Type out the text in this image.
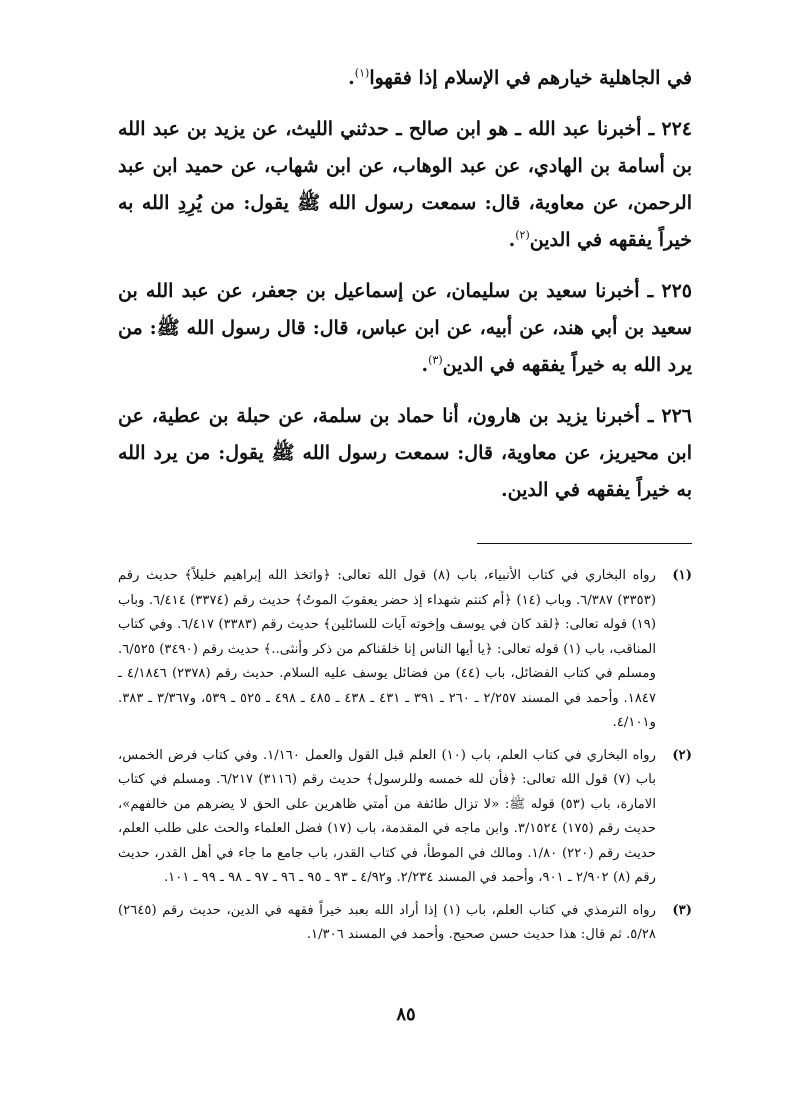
في الجاهلية خيارهم في الإسلام إذا فقهوا$^{(١)}$.

٢٢٤ ـ أخبرنا عبد الله ـ هو ابن صالح ـ حدثني الليث، عن يزيد بن عبد الله بن أسامة بن الهادي، عن عبد الوهاب، عن ابن شهاب، عن حميد ابن عبد الرحمن، عن معاوية، قال: سمعت رسول الله ﷺ يقول: من يُرِدِ الله به خيراً يفقهه في الدين$^{(٢)}$.

٢٢٥ ـ أخبرنا سعيد بن سليمان، عن إسماعيل بن جعفر، عن عبد الله بن سعيد بن أبي هند، عن أبيه، عن ابن عباس، قال: قال رسول الله ﷺ: من يرد الله به خيراً يفقهه في الدين$^{(٣)}$.

٢٢٦ ـ أخبرنا يزيد بن هارون، أنا حماد بن سلمة، عن حبلة بن عطية، عن ابن محيريز، عن معاوية، قال: سمعت رسول الله ﷺ يقول: من يرد الله به خيراً يفقهه في الدين.

(١)
رواه البخاري في كتاب الأنبياء، باب (٨) قول الله تعالى: ﴿واتخذ الله إبراهيم خليلاً﴾ حديث رقم (٣٣٥٣) ٦/٣٨٧. وباب (١٤) ﴿أم كنتم شهداء إذ حضر يعقوبَ الموتُ﴾ حديث رقم (٣٣٧٤) ٦/٤١٤. وباب (١٩) قوله تعالى: ﴿لقد كان في يوسف وإخوته آيات للسائلين﴾ حديث رقم (٣٣٨٣) ٦/٤١٧. وفي كتاب المناقب، باب (١) قوله تعالى: ﴿يا أيها الناس إنا خلقناكم من ذكر وأنثى..﴾ حديث رقم (٣٤٩٠) ٦/٥٢٥. ومسلم في كتاب الفضائل، باب (٤٤) من فضائل يوسف عليه السلام. حديث رقم (٢٣٧٨) ٤/١٨٤٦ ـ ١٨٤٧. وأحمد في المسند ٢/٢٥٧ ـ ٢٦٠ ـ ٣٩١ ـ ٤٣١ ـ ٤٣٨ ـ ٤٨٥ ـ ٤٩٨ ـ ٥٢٥ ـ ٥٣٩، و٣/٣٦٧ ـ ٣٨٣. و٤/١٠١.
(٢)
رواه البخاري في كتاب العلم، باب (١٠) العلم قبل القول والعمل ١/١٦٠. وفي كتاب فرض الخمس، باب (٧) قول الله تعالى: ﴿فأن لله خمسه وللرسول﴾ حديث رقم (٣١١٦) ٦/٢١٧. ومسلم في كتاب الامارة، باب (٥٣) قوله ﷺ: «لا تزال طائفة من أمتي ظاهرين على الحق لا يضرهم من خالفهم»، حديث رقم (١٧٥) ٣/١٥٢٤. وابن ماجه في المقدمة، باب (١٧) فضل العلماء والحث على طلب العلم، حديث رقم (٢٢٠) ١/٨٠. ومالك في الموطأ، في كتاب القدر، باب جامع ما جاء في أهل القدر، حديث رقم (٨) ٢/٩٠٢ ـ ٩٠١، وأحمد في المسند ٢/٢٣٤. و٤/٩٢ ـ ٩٣ ـ ٩٥ ـ ٩٦ ـ ٩٧ ـ ٩٨ ـ ٩٩ ـ ١٠١.
(٣)
رواه الترمذي في كتاب العلم، باب (١) إذا أراد الله بعبد خيراً فقهه في الدين، حديث رقم (٢٦٤٥) ٥/٢٨. ثم قال: هذا حديث حسن صحيح. وأحمد في المسند ١/٣٠٦.
٨٥
